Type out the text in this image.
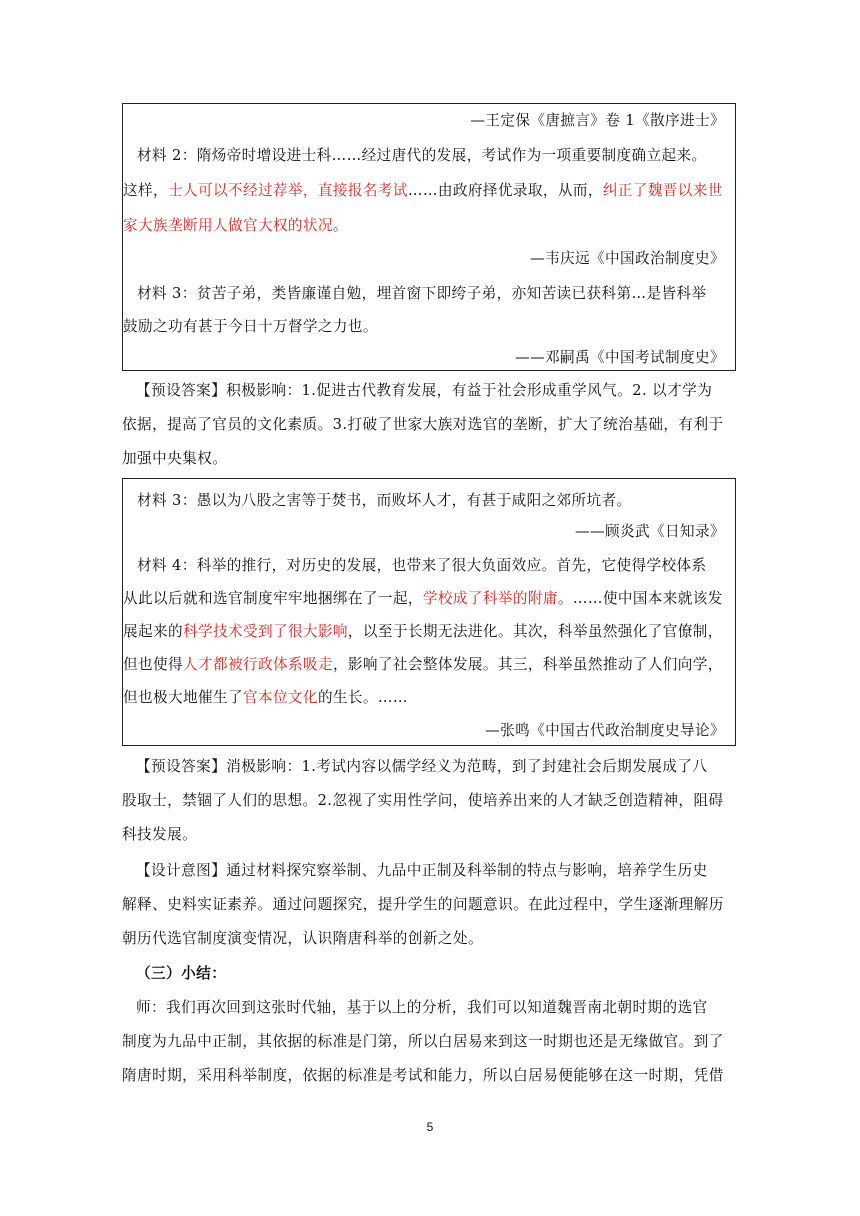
—王定保《唐摭言》卷 1《散序进士》
材料 2：隋炀帝时增设进士科……经过唐代的发展，考试作为一项重要制度确立起来。
这样，士人可以不经过荐举，直接报名考试……由政府择优录取，从而，纠正了魏晋以来世
家大族垄断用人做官大权的状况。
—韦庆远《中国政治制度史》
材料 3：贫苦子弟，类皆廉谨自勉，埋首窗下即绔子弟，亦知苦读已获科第…是皆科举
鼓励之功有甚于今日十万督学之力也。
——邓嗣禹《中国考试制度史》
【预设答案】积极影响：1.促进古代教育发展，有益于社会形成重学风气。2. 以才学为
依据，提高了官员的文化素质。3.打破了世家大族对选官的垄断，扩大了统治基础，有利于
加强中央集权。
材料 3：愚以为八股之害等于焚书，而败坏人才，有甚于咸阳之郊所坑者。
——顾炎武《日知录》
材料 4：科举的推行，对历史的发展，也带来了很大负面效应。首先，它使得学校体系
从此以后就和选官制度牢牢地捆绑在了一起，学校成了科举的附庸。……使中国本来就该发
展起来的科学技术受到了很大影响，以至于长期无法进化。其次，科举虽然强化了官僚制，
但也使得人才都被行政体系吸走，影响了社会整体发展。其三，科举虽然推动了人们向学，
但也极大地催生了官本位文化的生长。……
—张鸣《中国古代政治制度史导论》
【预设答案】消极影响：1.考试内容以儒学经义为范畴，到了封建社会后期发展成了八
股取士，禁锢了人们的思想。2.忽视了实用性学问，使培养出来的人才缺乏创造精神，阻碍
科技发展。
【设计意图】通过材料探究察举制、九品中正制及科举制的特点与影响，培养学生历史
解释、史料实证素养。通过问题探究，提升学生的问题意识。在此过程中，学生逐渐理解历
朝历代选官制度演变情况，认识隋唐科举的创新之处。
（三）小结：
师：我们再次回到这张时代轴，基于以上的分析，我们可以知道魏晋南北朝时期的选官
制度为九品中正制，其依据的标准是门第，所以白居易来到这一时期也还是无缘做官。到了
隋唐时期，采用科举制度，依据的标准是考试和能力，所以白居易便能够在这一时期，凭借
5
